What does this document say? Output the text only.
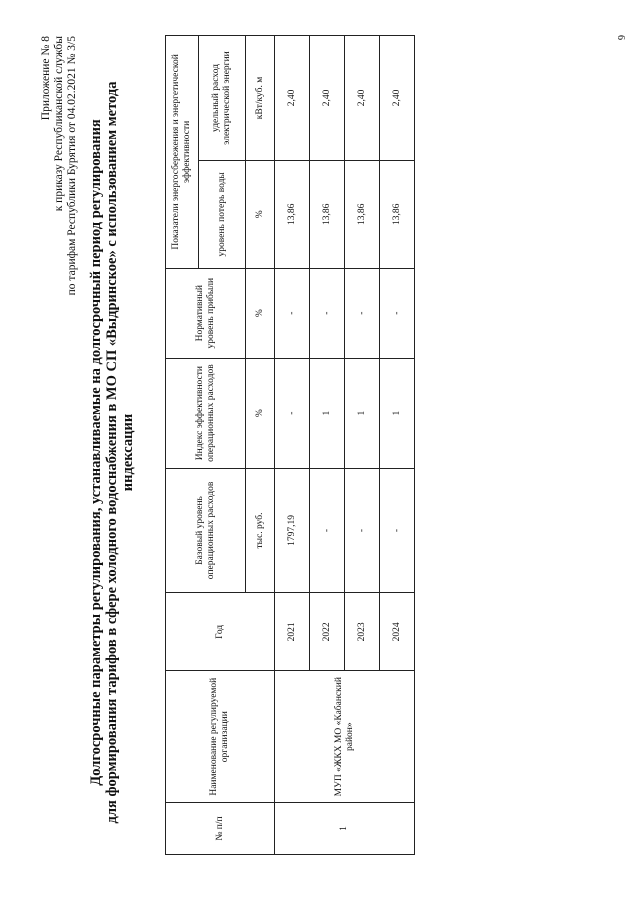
6
Приложение № 8 к приказу Республиканской службы по тарифам Республики Бурятия от 04.02.2021 № 3/5 Долгосрочные параметры регулирования, устанавливаемые на долгосрочный период регулирования для формирования тарифов в сфере холодного водоснабжения в МО СП «Выдринское» с использованием метода индексации
№ п/п	Наименование регулируемой организации	Год	Базовый уровень операционных расходов	Индекс эффективности операционных расходов	Нормативный уровень прибыли	Показатели энергосбережения и энергетической эффективности	
						уровень потерь воды	удельный расход электрической энергии
			тыс. руб.	%	%	%	кВт/куб. м
1	МУП «ЖКХ МО «Кабанский район»	2021	1797,19	-	-	13,86	2,40
		2022	-	1	-	13,86	2,40
		2023	-	1	-	13,86	2,40
		2024	-	1	-	13,86	2,40
